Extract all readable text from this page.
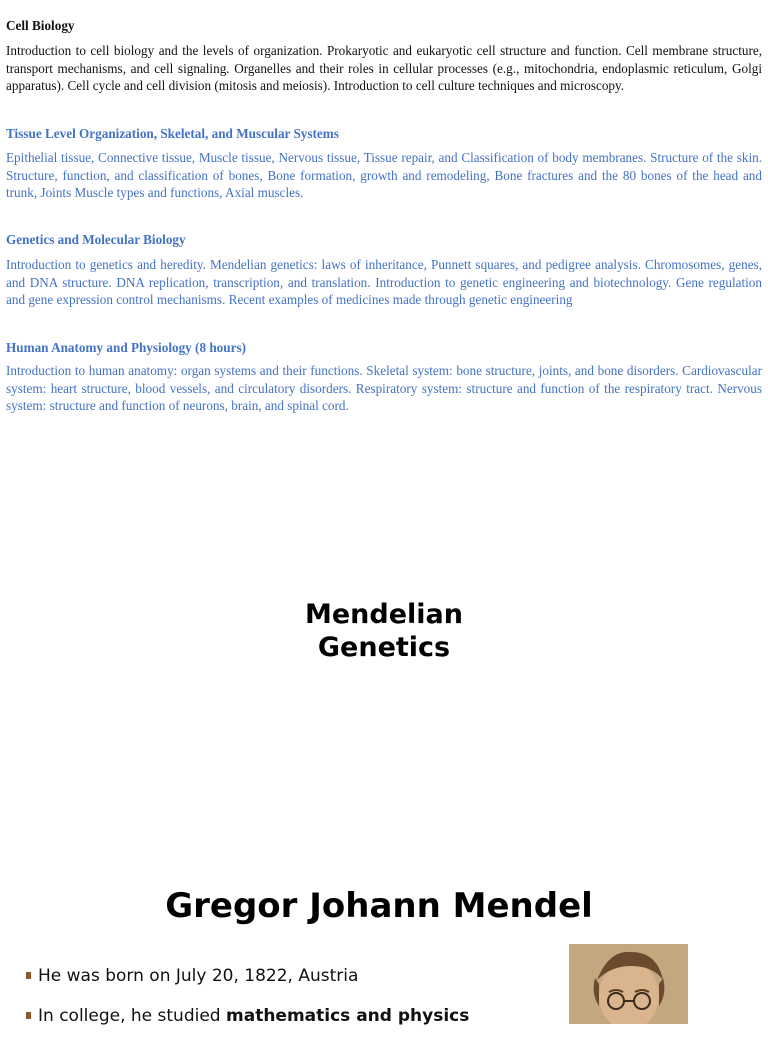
Cell Biology

Introduction to cell biology and the levels of organization. Prokaryotic and eukaryotic cell structure and function. Cell membrane structure, transport mechanisms, and cell signaling. Organelles and their roles in cellular processes (e.g., mitochondria, endoplasmic reticulum, Golgi apparatus). Cell cycle and cell division (mitosis and meiosis). Introduction to cell culture techniques and microscopy.

Tissue Level Organization, Skeletal, and Muscular Systems

Epithelial tissue, Connective tissue, Muscle tissue, Nervous tissue, Tissue repair, and Classification of body membranes. Structure of the skin. Structure, function, and classification of bones, Bone formation, growth and remodeling, Bone fractures and the 80 bones of the head and trunk, Joints Muscle types and functions, Axial muscles.

Genetics and Molecular Biology

Introduction to genetics and heredity. Mendelian genetics: laws of inheritance, Punnett squares, and pedigree analysis. Chromosomes, genes, and DNA structure. DNA replication, transcription, and translation. Introduction to genetic engineering and biotechnology. Gene regulation and gene expression control mechanisms. Recent examples of medicines made through genetic engineering

Human Anatomy and Physiology (8 hours)

Introduction to human anatomy: organ systems and their functions. Skeletal system: bone structure, joints, and bone disorders. Cardiovascular system: heart structure, blood vessels, and circulatory disorders. Respiratory system: structure and function of the respiratory tract. Nervous system: structure and function of neurons, brain, and spinal cord.

Mendelian
Genetics
Gregor Johann Mendel
He was born on July 20, 1822, Austria
In college, he studied mathematics and physics
